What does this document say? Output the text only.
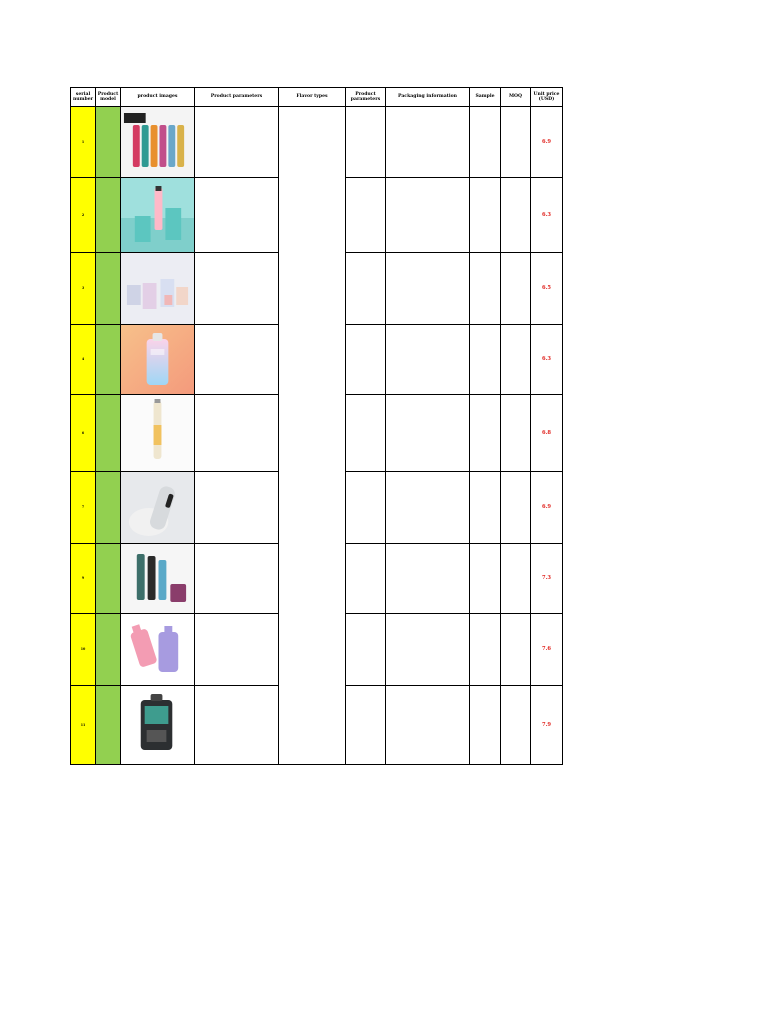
serial number	Product model	product images	Product parameters	Flavor types	Product parameters	Packaging information	Sample	MOQ	Unit price (USD)
1									6.9
2									6.3
3									6.5
4									6.3
6									6.8
7									6.9
9									7.3
10									7.6
11									7.9
